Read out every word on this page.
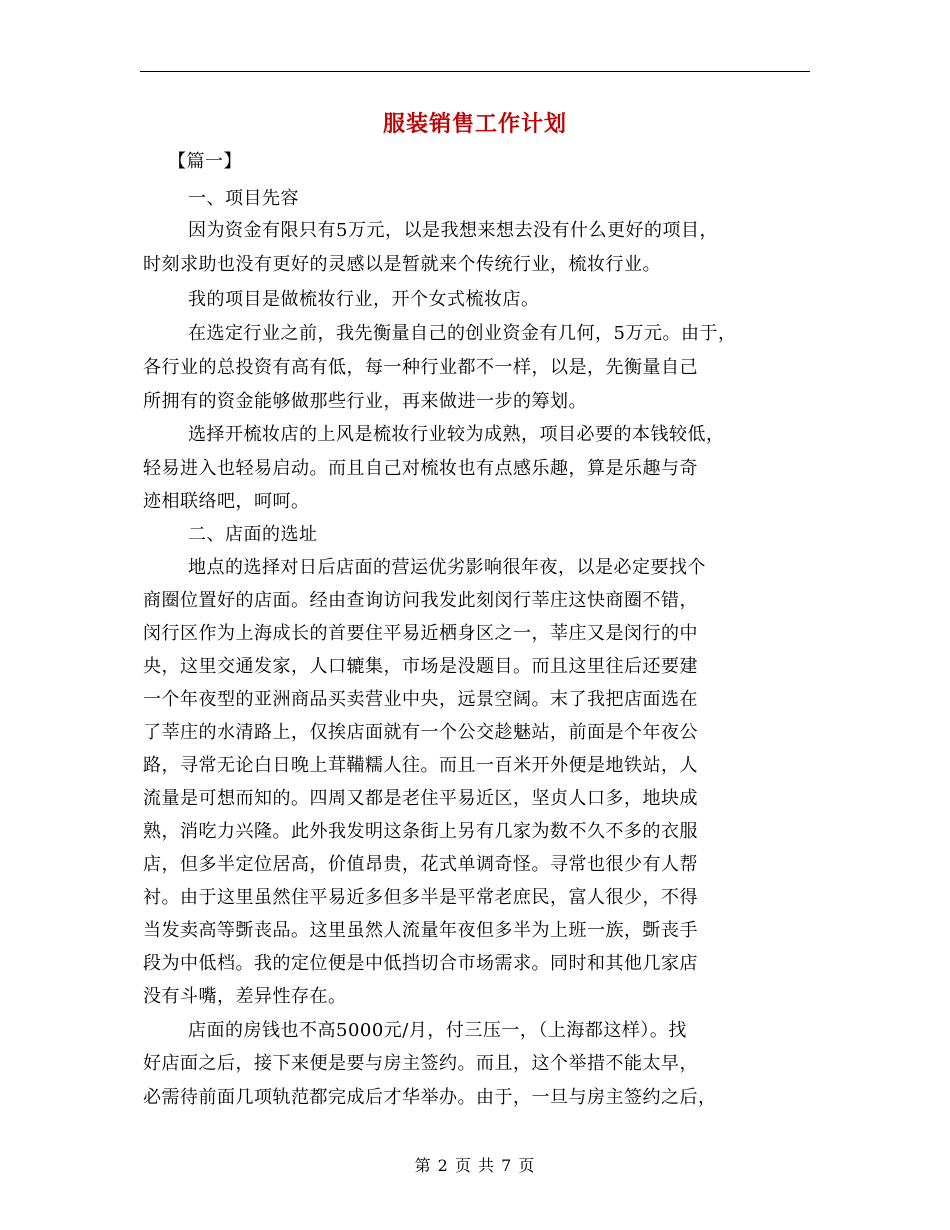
服装销售工作计划
【篇一】
一、项目先容
因为资金有限只有5万元，以是我想来想去没有什么更好的项目，
时刻求助也没有更好的灵感以是暂就来个传统行业，梳妆行业。
我的项目是做梳妆行业，开个女式梳妆店。
在选定行业之前，我先衡量自己的创业资金有几何，5万元。由于，
各行业的总投资有高有低，每一种行业都不一样，以是，先衡量自己
所拥有的资金能够做那些行业，再来做进一步的筹划。
选择开梳妆店的上风是梳妆行业较为成熟，项目必要的本钱较低，
轻易进入也轻易启动。而且自己对梳妆也有点感乐趣，算是乐趣与奇
迹相联络吧，呵呵。
二、店面的选址
地点的选择对日后店面的营运优劣影响很年夜，以是必定要找个
商圈位置好的店面。经由查询访问我发此刻闵行莘庄这快商圈不错，
闵行区作为上海成长的首要住平易近栖身区之一，莘庄又是闵行的中
央，这里交通发家，人口辘集，市场是没题目。而且这里往后还要建
一个年夜型的亚洲商品买卖营业中央，远景空阔。末了我把店面选在
了莘庄的水清路上，仅挨店面就有一个公交趁魅站，前面是个年夜公
路，寻常无论白日晚上茸鞴糯人往。而且一百米开外便是地铁站，人
流量是可想而知的。四周又都是老住平易近区，坚贞人口多，地块成
熟，消吃力兴隆。此外我发明这条街上另有几家为数不久不多的衣服
店，但多半定位居高，价值昂贵，花式单调奇怪。寻常也很少有人帮
衬。由于这里虽然住平易近多但多半是平常老庶民，富人很少，不得
当发卖高等斲丧品。这里虽然人流量年夜但多半为上班一族，斲丧手
段为中低档。我的定位便是中低挡切合市场需求。同时和其他几家店
没有斗嘴，差异性存在。
店面的房钱也不高5000元/月，付三压一，（上海都这样）。找
好店面之后，接下来便是要与房主签约。而且，这个举措不能太早，
必需待前面几项轨范都完成后才华举办。由于，一旦与房主签约之后，
第 2 页 共 7 页
